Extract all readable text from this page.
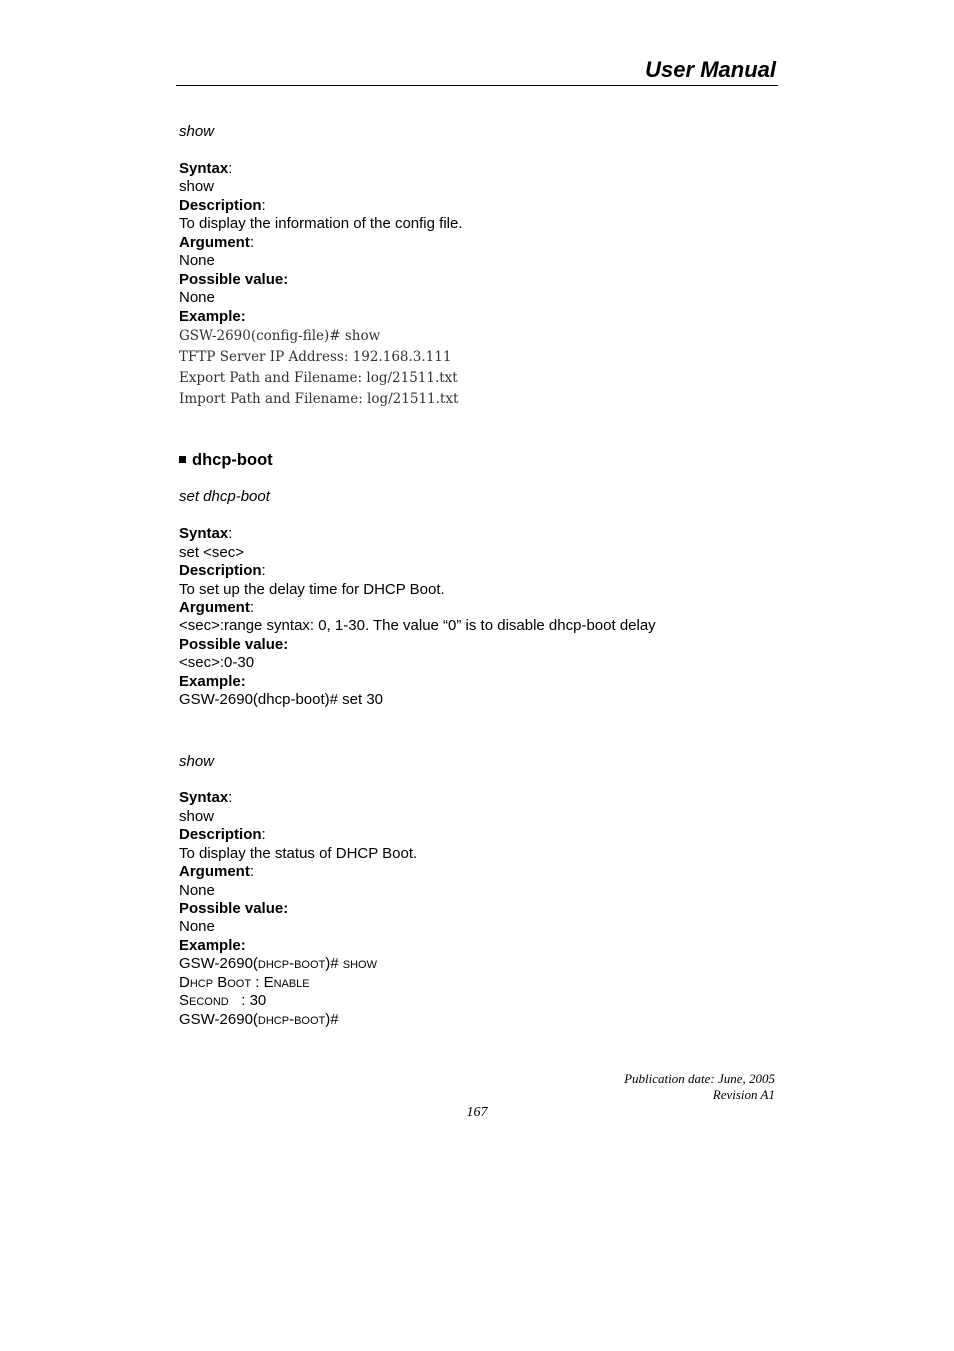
User Manual
show
Syntax:
show
Description:
To display the information of the config file.
Argument:
None
Possible value:
None
Example:
GSW-2690(config-file)# show
TFTP Server IP Address: 192.168.3.111
Export Path and Filename: log/21511.txt
Import Path and Filename: log/21511.txt
dhcp-boot
set dhcp-boot
Syntax:
set <sec>
Description:
To set up the delay time for DHCP Boot.
Argument:
<sec>:range syntax: 0, 1-30. The value “0” is to disable dhcp-boot delay
Possible value:
<sec>:0-30
Example:
GSW-2690(dhcp-boot)# set 30
show
Syntax:
show
Description:
To display the status of DHCP Boot.
Argument:
None
Possible value:
None
Example:
GSW-2690(dhcp-boot)# show
Dhcp Boot : Enable
Second   : 30
GSW-2690(dhcp-boot)#
Publication date: June, 2005
Revision A1
167
